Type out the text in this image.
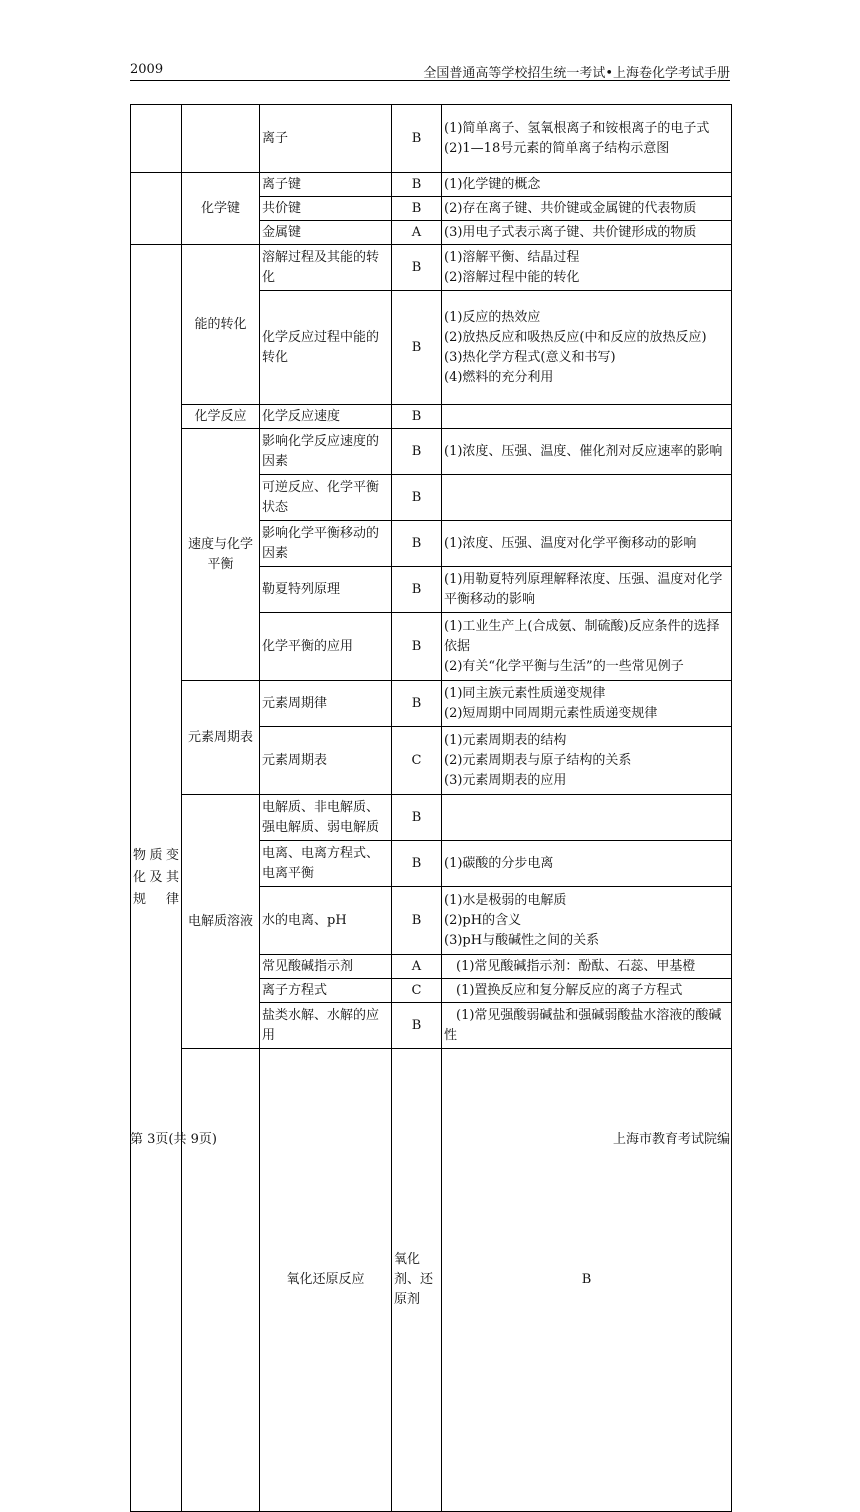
2009	全国普通高等学校招生统一考试•上海卷化学考试手册
		离子	B	(1)简单离子、氢氧根离子和铵根离子的电子式
(2)1—18号元素的简单离子结构示意图	

	化学键	离子键	B	(1)化学键的概念	

		共价键	B	(2)存在离子键、共价键或金属键的代表物质	

		金属键	A	(3)用电子式表示离子键、共价键形成的物质	

物质变化及其规律	能的转化	溶解过程及其能的转化	B	(1)溶解平衡、结晶过程
(2)溶解过程中能的转化	

		化学反应过程中能的转化	B	(1)反应的热效应
(2)放热反应和吸热反应(中和反应的放热反应)
(3)热化学方程式(意义和书写)
(4)燃料的充分利用	

	化学反应	化学反应速度	B		
	速度与化学平衡	影响化学反应速度的因素	B	(1)浓度、压强、温度、催化剂对反应速率的影响	

		可逆反应、化学平衡状态	B		
		影响化学平衡移动的因素	B	(1)浓度、压强、温度对化学平衡移动的影响	

		勒夏特列原理	B	(1)用勒夏特列原理解释浓度、压强、温度对化学平衡移动的影响	

		化学平衡的应用	B	(1)工业生产上(合成氨、制硫酸)反应条件的选择依据
(2)有关“化学平衡与生活”的一些常见例子	

	元素周期表	元素周期律	B	(1)同主族元素性质递变规律
(2)短周期中同周期元素性质递变规律	

		元素周期表	C	(1)元素周期表的结构
(2)元素周期表与原子结构的关系
(3)元素周期表的应用	

	电解质溶液	电解质、非电解质、强电解质、弱电解质	B		
		电离、电离方程式、电离平衡	B	(1)碳酸的分步电离	

		水的电离、pH	B	(1)水是极弱的电解质
(2)pH的含义
(3)pH与酸碱性之间的关系	

		常见酸碱指示剂	A	(1)常见酸碱指示剂：酚酞、石蕊、甲基橙	

		离子方程式	C	(1)置换反应和复分解反应的离子方程式	

		盐类水解、水解的应用	B	(1)常见强酸弱碱盐和强碱弱酸盐水溶液的酸碱性	

		氧化还原反应	氧化剂、还原剂	B	
第 3页(共 9页)	上海市教育考试院编
